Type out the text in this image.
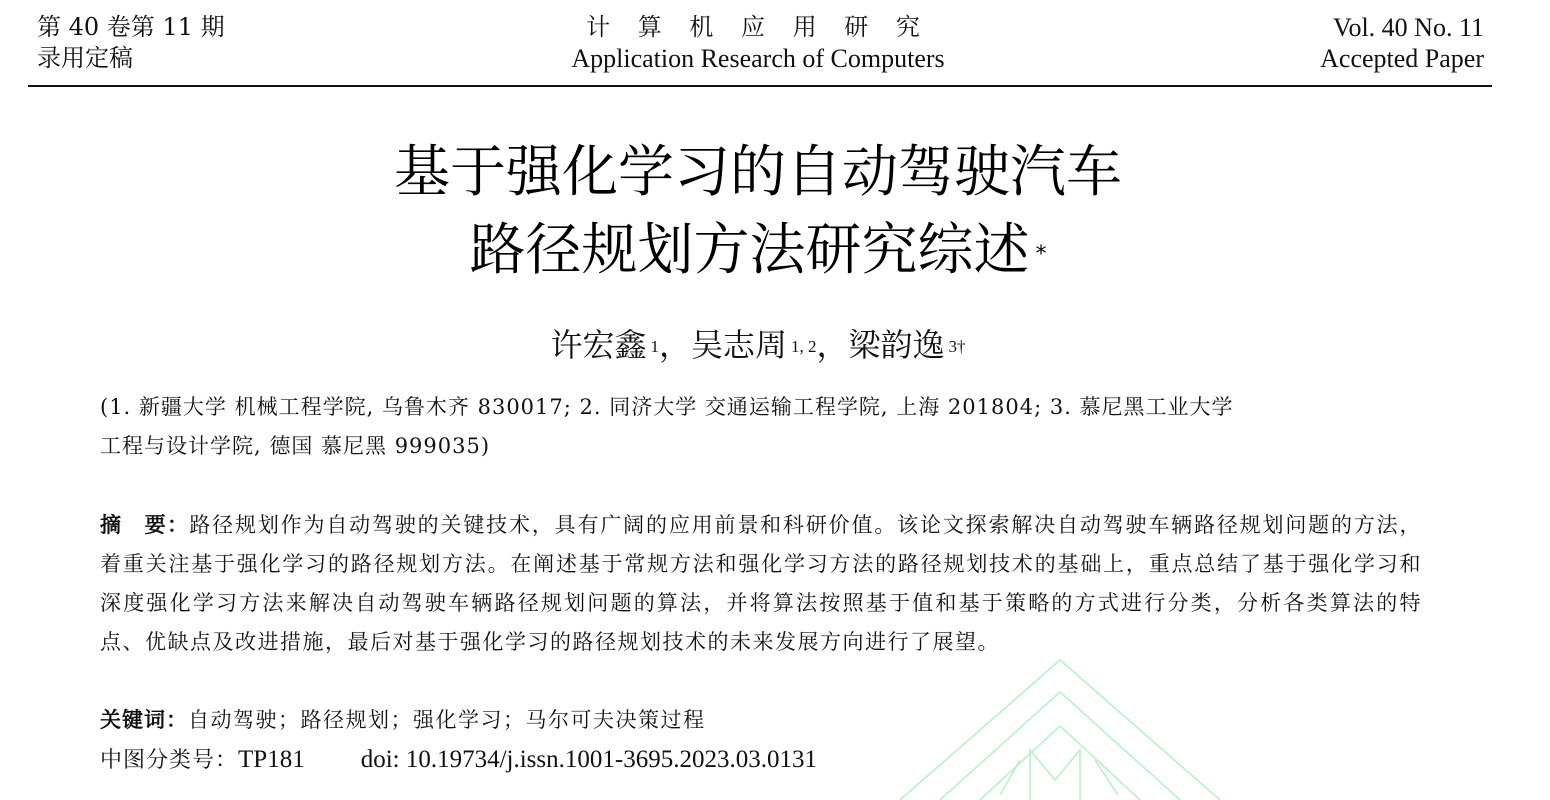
第 40 卷第 11 期
录用定稿
计 算 机 应 用 研 究
Application Research of Computers
Vol. 40 No. 11
Accepted Paper
基于强化学习的自动驾驶汽车
路径规划方法研究综述 *
许宏鑫 $^1$，吴志周 $^{1, 2}$，梁韵逸 $^{3\dagger}$
(1. 新疆大学 机械工程学院, 乌鲁木齐 830017; 2. 同济大学 交通运输工程学院, 上海 201804; 3. 慕尼黑工业大学
工程与设计学院, 德国 慕尼黑 999035)
摘　要：路径规划作为自动驾驶的关键技术，具有广阔的应用前景和科研价值。该论文探索解决自动驾驶车辆路径规划问题的方法，着重关注基于强化学习的路径规划方法。在阐述基于常规方法和强化学习方法的路径规划技术的基础上，重点总结了基于强化学习和深度强化学习方法来解决自动驾驶车辆路径规划问题的算法，并将算法按照基于值和基于策略的方式进行分类，分析各类算法的特点、优缺点及改进措施，最后对基于强化学习的路径规划技术的未来发展方向进行了展望。
关键词：自动驾驶；路径规划；强化学习；马尔可夫决策过程
中图分类号：TP181 doi: 10.19734/j.issn.1001-3695.2023.03.0131
